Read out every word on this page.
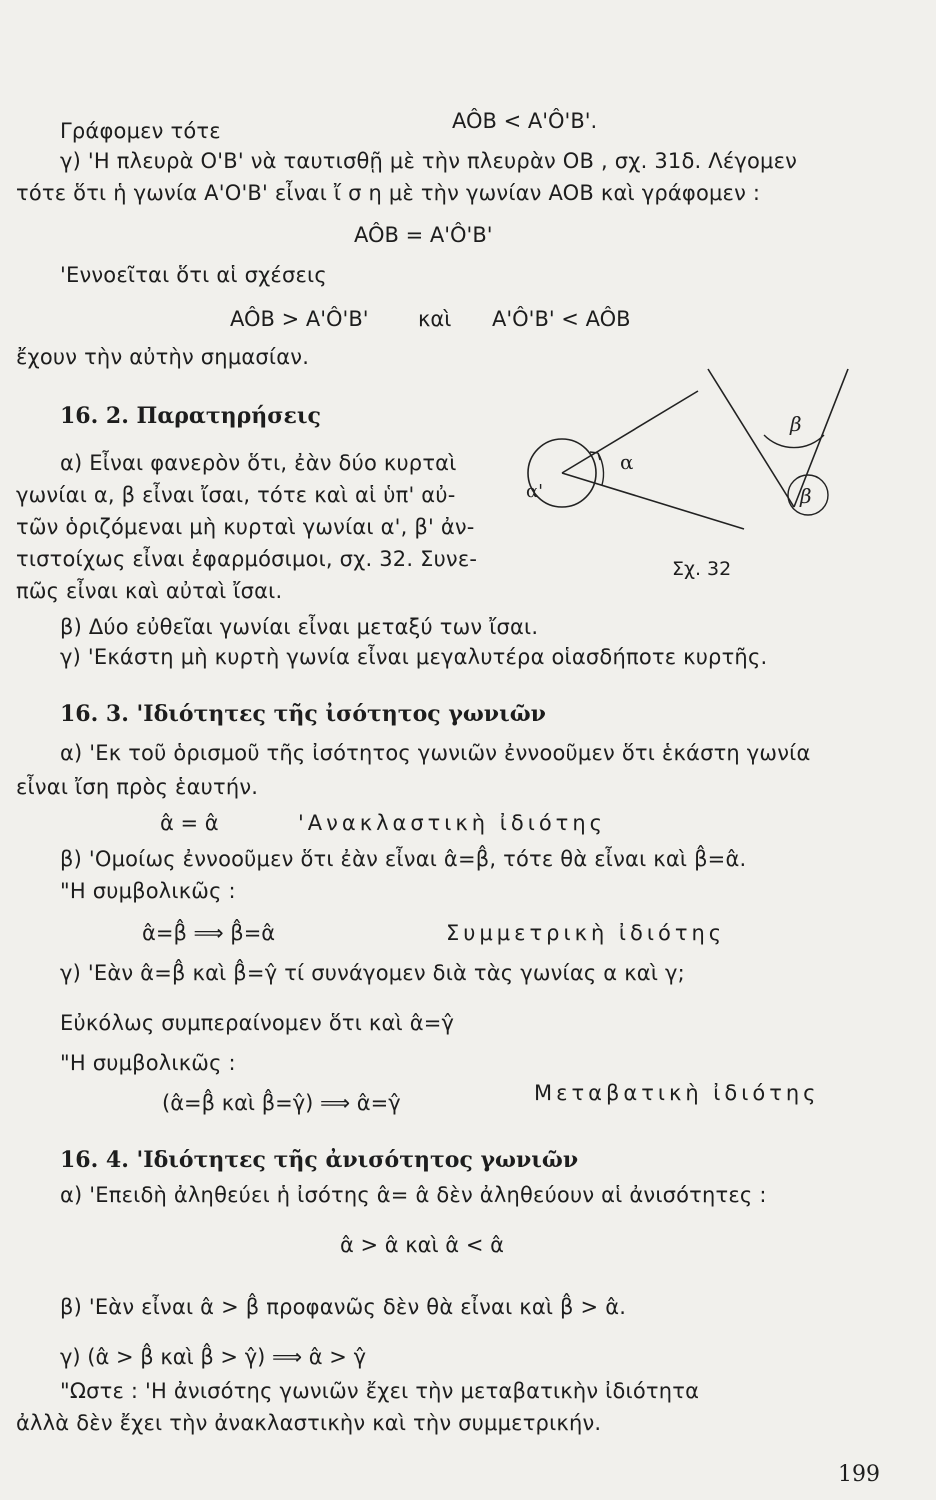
Γράφομεν τότε	AÔB < A'Ô'B'.
γ) 'Η πλευρὰ O'B' νὰ ταυτισθῇ μὲ τὴν πλευρὰν OB , σχ. 31δ. Λέγομεν
τότε ὅτι ἡ γωνία A'O'B' εἶναι ἴ σ η μὲ τὴν γωνίαν AOB καὶ γράφομεν :
AÔB = A'Ô'B'
'Εννοεῖται ὅτι αἱ σχέσεις
AÔB > A'Ô'B' καὶ A'Ô'B' < AÔB
ἔχουν τὴν αὐτὴν σημασίαν.
16. 2. Παρατηρήσεις
α) Εἶναι φανερὸν ὅτι, ἐὰν δύο κυρταὶ
γωνίαι α, β εἶναι ἴσαι, τότε καὶ αἱ ὑπ' αὐ-
τῶν ὁριζόμεναι μὴ κυρταὶ γωνίαι α', β' ἀν-
τιστοίχως εἶναι ἐφαρμόσιμοι, σχ. 32. Συνε-
πῶς εἶναι καὶ αὐταὶ ἴσαι.
β) Δύο εὐθεῖαι γωνίαι εἶναι μεταξύ των ἴσαι.
γ) 'Εκάστη μὴ κυρτὴ γωνία εἶναι μεγαλυτέρα οἱασδήποτε κυρτῆς.
α
α'
β
β
Σχ. 32
16. 3. 'Ιδιότητες τῆς ἰσότητος γωνιῶν
α) 'Εκ τοῦ ὁρισμοῦ τῆς ἰσότητος γωνιῶν ἐννοοῦμεν ὅτι ἑκάστη γωνία
εἶναι ἴση πρὸς ἑαυτήν.
α̂ = α̂	'Ανακλαστικὴ ἰδιότης
β) 'Ομοίως ἐννοοῦμεν ὅτι ἐὰν εἶναι α̂=β̂, τότε θὰ εἶναι καὶ β̂=α̂.
"Η συμβολικῶς :
α̂=β̂ ⟹ β̂=α̂	Συμμετρικὴ ἰδιότης
γ) 'Εὰν α̂=β̂ καὶ β̂=γ̂ τί συνάγομεν διὰ τὰς γωνίας α καὶ γ;
Εὐκόλως συμπεραίνομεν ὅτι καὶ α̂=γ̂
"Η συμβολικῶς :
(α̂=β̂ καὶ β̂=γ̂) ⟹ α̂=γ̂	Μεταβατικὴ ἰδιότης
16. 4. 'Ιδιότητες τῆς ἀνισότητος γωνιῶν
α) 'Επειδὴ ἀληθεύει ἡ ἰσότης α̂= α̂ δὲν ἀληθεύουν αἱ ἀνισότητες :
α̂ > α̂ καὶ α̂ < α̂
β) 'Εὰν εἶναι α̂ > β̂ προφανῶς δὲν θὰ εἶναι καὶ β̂ > α̂.
γ) (α̂ > β̂ καὶ β̂ > γ̂) ⟹ α̂ > γ̂
"Ωστε : 'Η ἀνισότης γωνιῶν ἔχει τὴν μεταβατικὴν ἰδιότητα
ἀλλὰ δὲν ἔχει τὴν ἀνακλαστικὴν καὶ τὴν συμμετρικήν.
199
